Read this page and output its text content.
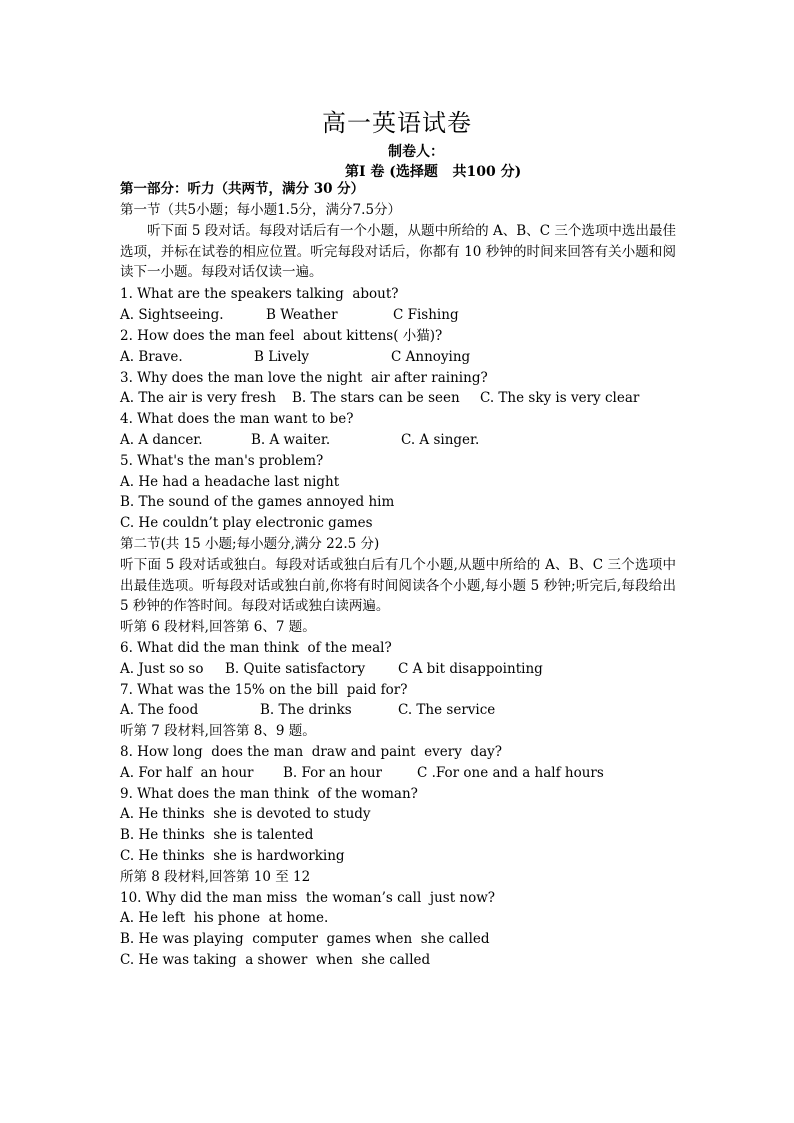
高一英语试卷
制卷人：
第Ⅰ 卷 (选择题   共100 分)
第一部分：听力（共两节，满分 30 分）
第一节（共5小题；每小题1.5分，满分7.5分）
听下面 5 段对话。每段对话后有一个小题，从题中所给的 A、B、C 三个选项中选出最佳选项，并标在试卷的相应位置。听完每段对话后，你都有 10 秒钟的时间来回答有关小题和阅读下一小题。每段对话仅读一遍。
1. What are the speakers talking  about?
A. Sightseeing.	B Weather	C Fishing
2. How does the man feel  about kittens( 小猫)?
A. Brave.	B Lively	C Annoying
3. Why does the man love the night  air after raining?
A. The air is very fresh B. The stars can be seen C. The sky is very clear
4. What does the man want to be?
A. A dancer.	B. A waiter.	C. A singer.
5. What's the man's problem?
A. He had a headache last night
B. The sound of the games annoyed him
C. He couldn’t play electronic games
第二节(共 15 小题;每小题分,满分 22.5 分)
听下面 5 段对话或独白。每段对话或独白后有几个小题,从题中所给的 A、B、C 三个选项中出最佳选项。听每段对话或独白前,你将有时间阅读各个小题,每小题 5 秒钟;听完后,每段给出 5 秒钟的作答时间。每段对话或独白读两遍。
听第 6 段材料,回答第 6、7 题。
6. What did the man think  of the meal?
A. Just so so B. Quite satisfactory C A bit disappointing
7. What was the 15% on the bill  paid for?
A. The food	B. The drinks	C. The service
听第 7 段材料,回答第 8、9 题。
8. How long  does the man  draw and paint  every  day?
A. For half  an hour B. For an hour	C .For one and a half hours
9. What does the man think  of the woman?
A. He thinks  she is devoted to study
B. He thinks  she is talented
C. He thinks  she is hardworking
所第 8 段材料,回答第 10 至 12
10. Why did the man miss  the woman’s call  just now?
A. He left  his phone  at home.
B. He was playing  computer  games when  she called
C. He was taking  a shower  when  she called
